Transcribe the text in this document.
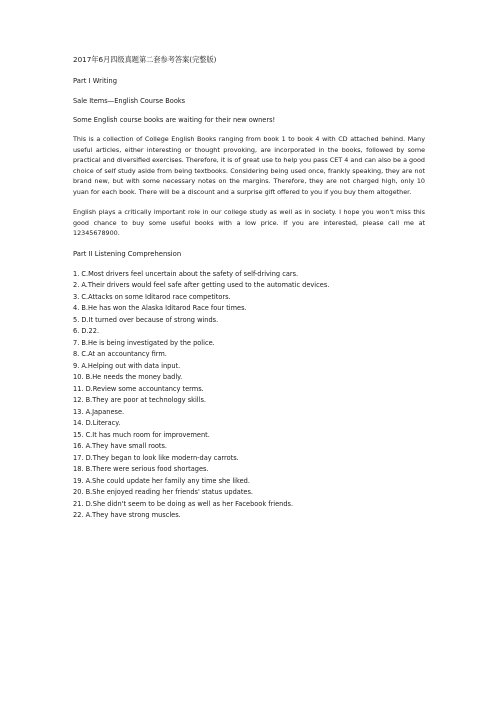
2017年6月四级真题第二套参考答案(完整版)
Part I Writing
Sale Items—English Course Books
Some English course books are waiting for their new owners!

This is a collection of College English Books ranging from book 1 to book 4 with CD attached behind. Many useful articles, either interesting or thought provoking, are incorporated in the books, followed by some practical and diversified exercises. Therefore, it is of great use to help you pass CET 4 and can also be a good choice of self study aside from being textbooks. Considering being used once, frankly speaking, they are not brand new, but with some necessary notes on the margins. Therefore, they are not charged high, only 10 yuan for each book. There will be a discount and a surprise gift offered to you if you buy them altogether.

English plays a critically important role in our college study as well as in society. I hope you won't miss this good chance to buy some useful books with a low price. If you are interested, please call me at 12345678900.

Part II Listening Comprehension
1. C.Most drivers feel uncertain about the safety of self-driving cars.
2. A.Their drivers would feel safe after getting used to the automatic devices.
3. C.Attacks on some Iditarod race competitors.
4. B.He has won the Alaska Iditarod Race four times.
5. D.It turned over because of strong winds.
6. D.22.
7. B.He is being investigated by the police.
8. C.At an accountancy firm.
9. A.Helping out with data input.
10. B.He needs the money badly.
11. D.Review some accountancy terms.
12. B.They are poor at technology skills.
13. A.Japanese.
14. D.Literacy.
15. C.It has much room for improvement.
16. A.They have small roots.
17. D.They began to look like modern-day carrots.
18. B.There were serious food shortages.
19. A.She could update her family any time she liked.
20. B.She enjoyed reading her friends' status updates.
21. D.She didn't seem to be doing as well as her Facebook friends.
22. A.They have strong muscles.
